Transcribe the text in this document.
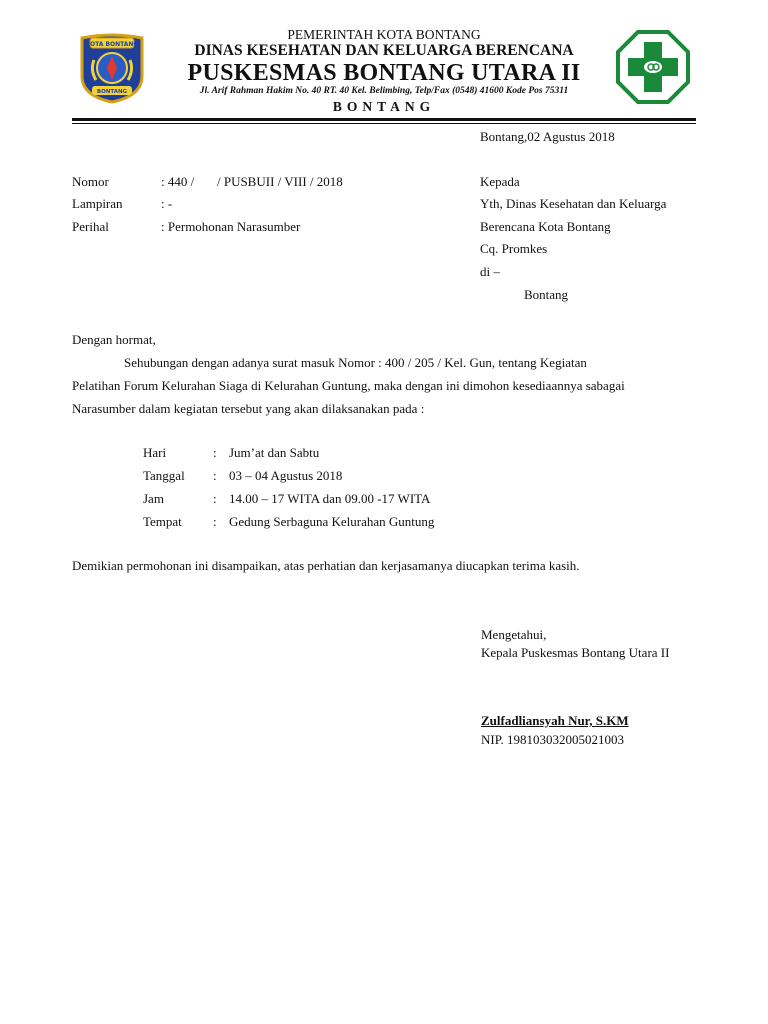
KOTA BONTANG
BONTANG
PEMERINTAH KOTA BONTANG
DINAS KESEHATAN DAN KELUARGA BERENCANA
PUSKESMAS BONTANG UTARA II
Jl. Arif Rahman Hakim No. 40 RT. 40 Kel. Belimbing, Telp/Fax (0548) 41600 Kode Pos 75311
BONTANG
Bontang,02 Agustus 2018
Nomor	: 440 /       / PUSBUII / VIII / 2018
Lampiran	: -
Perihal	: Permohonan Narasumber
Kepada
Yth, Dinas Kesehatan dan Keluarga
Berencana Kota Bontang
Cq. Promkes
di –
Bontang
Dengan hormat,
Sehubungan dengan adanya surat masuk Nomor : 400 / 205 / Kel. Gun, tentang Kegiatan
Pelatihan Forum Kelurahan Siaga di Kelurahan Guntung, maka dengan ini dimohon kesediaannya sabagai
Narasumber dalam kegiatan tersebut yang akan dilaksanakan pada :
Hari	: Jum’at dan Sabtu
Tanggal : 03 – 04 Agustus 2018
Jam	: 14.00 – 17 WITA dan 09.00 -17 WITA
Tempat : Gedung Serbaguna Kelurahan Guntung
Demikian permohonan ini disampaikan, atas perhatian dan kerjasamanya diucapkan terima kasih.
Mengetahui,
Kepala Puskesmas Bontang Utara II
Zulfadliansyah Nur, S.KM
NIP. 198103032005021003
